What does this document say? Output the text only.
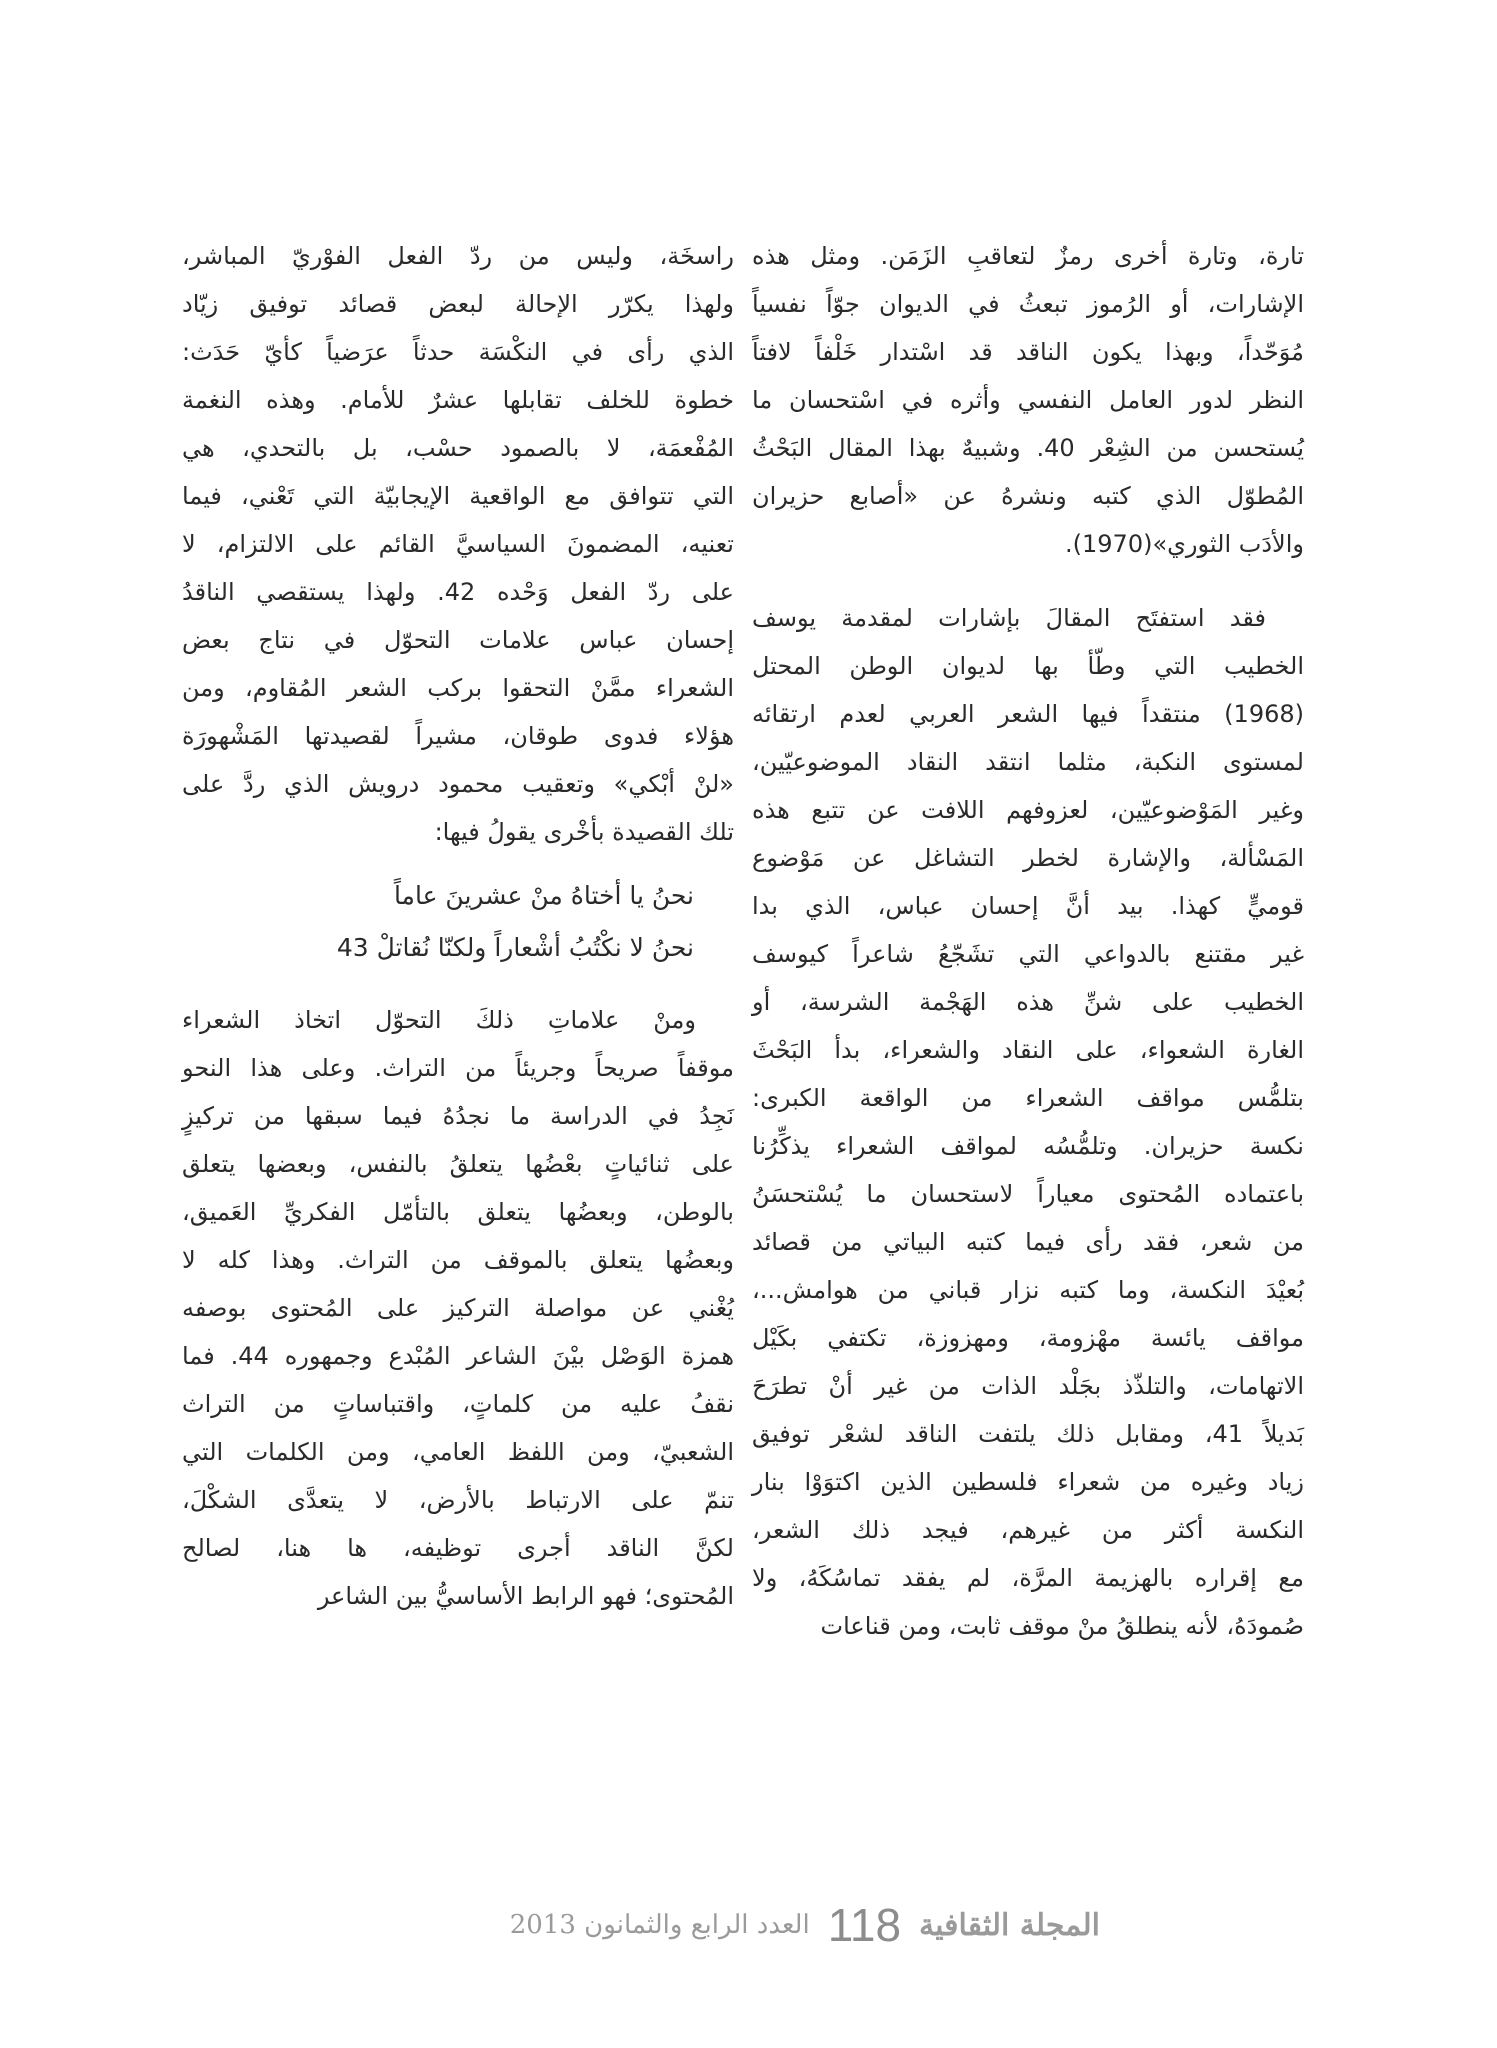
تارة، وتارة أخرى رمزٌ لتعاقبِ الزَمَن. ومثل هذه
الإشارات، أو الرُموز تبعثُ في الديوان جوّاً نفسياً
مُوَحّداً، وبهذا يكون الناقد قد اسْتدار خَلْفاً لافتاً
النظر لدور العامل النفسي وأثره في اسْتحسان ما
يُستحسن من الشِعْر 40. وشبيهٌ بهذا المقال البَحْثُ
المُطوّل الذي كتبه ونشرهُ عن «أصابع حزيران
والأدَب الثوري»(1970).
فقد استفتَح المقالَ بإشارات لمقدمة يوسف
الخطيب التي وطّأ بها لديوان الوطن المحتل
(1968) منتقداً فيها الشعر العربي لعدم ارتقائه
لمستوى النكبة، مثلما انتقد النقاد الموضوعيّين،
وغير المَوْضوعيّين، لعزوفهم اللافت عن تتبع هذه
المَسْألة، والإشارة لخطر التشاغل عن مَوْضوع
قوميٍّ كهذا. بيد أنَّ إحسان عباس، الذي بدا
غير مقتنع بالدواعي التي تشَجّعُ شاعراً كيوسف
الخطيب على شنِّ هذه الهَجْمة الشرسة، أو
الغارة الشعواء، على النقاد والشعراء، بدأ البَحْثَ
بتلمُّس مواقف الشعراء من الواقعة الكبرى:
نكسة حزيران. وتلمُّسُه لمواقف الشعراء يذكِّرُنا
باعتماده المُحتوى معياراً لاستحسان ما يُسْتحسَنُ
من شعر، فقد رأى فيما كتبه البياتي من قصائد
بُعيْدَ النكسة، وما كتبه نزار قباني من هوامش...،
مواقف يائسة مهْزومة، ومهزوزة، تكتفي بكَيْل
الاتهامات، والتلذّذ بجَلْد الذات من غير أنْ تطرَحَ
بَديلاً 41، ومقابل ذلك يلتفت الناقد لشعْر توفيق
زياد وغيره من شعراء فلسطين الذين اكتوَوْا بنار
النكسة أكثر من غيرهم، فيجد ذلك الشعر،
مع إقراره بالهزيمة المرَّة، لم يفقد تماسُكَهُ، ولا
صُمودَهُ، لأنه ينطلقُ منْ موقف ثابت، ومن قناعات
راسخَة، وليس من ردّ الفعل الفوْريّ المباشر،
ولهذا يكرّر الإحالة لبعض قصائد توفيق زيّاد
الذي رأى في النكْسَة حدثاً عرَضياً كأيّ حَدَث:
خطوة للخلف تقابلها عشرٌ للأمام. وهذه النغمة
المُفْعمَة، لا بالصمود حسْب، بل بالتحدي، هي
التي تتوافق مع الواقعية الإيجابيّة التي تَعْني، فيما
تعنيه، المضمونَ السياسيَّ القائم على الالتزام، لا
على ردّ الفعل وَحْده 42. ولهذا يستقصي الناقدُ
إحسان عباس علامات التحوّل في نتاج بعض
الشعراء ممَّنْ التحقوا بركب الشعر المُقاوم، ومن
هؤلاء فدوى طوقان، مشيراً لقصيدتها المَشْهورَة
«لنْ أبْكي» وتعقيب محمود درويش الذي ردَّ على
تلك القصيدة بأخْرى يقولُ فيها:
نحنُ يا أختاهُ منْ عشرينَ عاماً
نحنُ لا نكْتُبُ أشْعاراً ولكنّا نُقاتلْ 43
ومنْ علاماتِ ذلكَ التحوّل اتخاذ الشعراء
موقفاً صريحاً وجريئاً من التراث. وعلى هذا النحو
نَجِدُ في الدراسة ما نجدُهُ فيما سبقها من تركيزٍ
على ثنائياتٍ بعْضُها يتعلقُ بالنفس، وبعضها يتعلق
بالوطن، وبعضُها يتعلق بالتأمّل الفكريِّ العَميق،
وبعضُها يتعلق بالموقف من التراث. وهذا كله لا
يُغْني عن مواصلة التركيز على المُحتوى بوصفه
همزة الوَصْل بيْنَ الشاعر المُبْدع وجمهوره 44. فما
نقفُ عليه من كلماتٍ، واقتباساتٍ من التراث
الشعبيّ، ومن اللفظ العامي، ومن الكلمات التي
تنمّ على الارتباط بالأرض، لا يتعدَّى الشكْلَ،
لكنَّ الناقد أجرى توظيفه، ها هنا، لصالح
المُحتوى؛ فهو الرابط الأساسيُّ بين الشاعر
المجلة الثقافية
118
العدد الرابع والثمانون 2013
